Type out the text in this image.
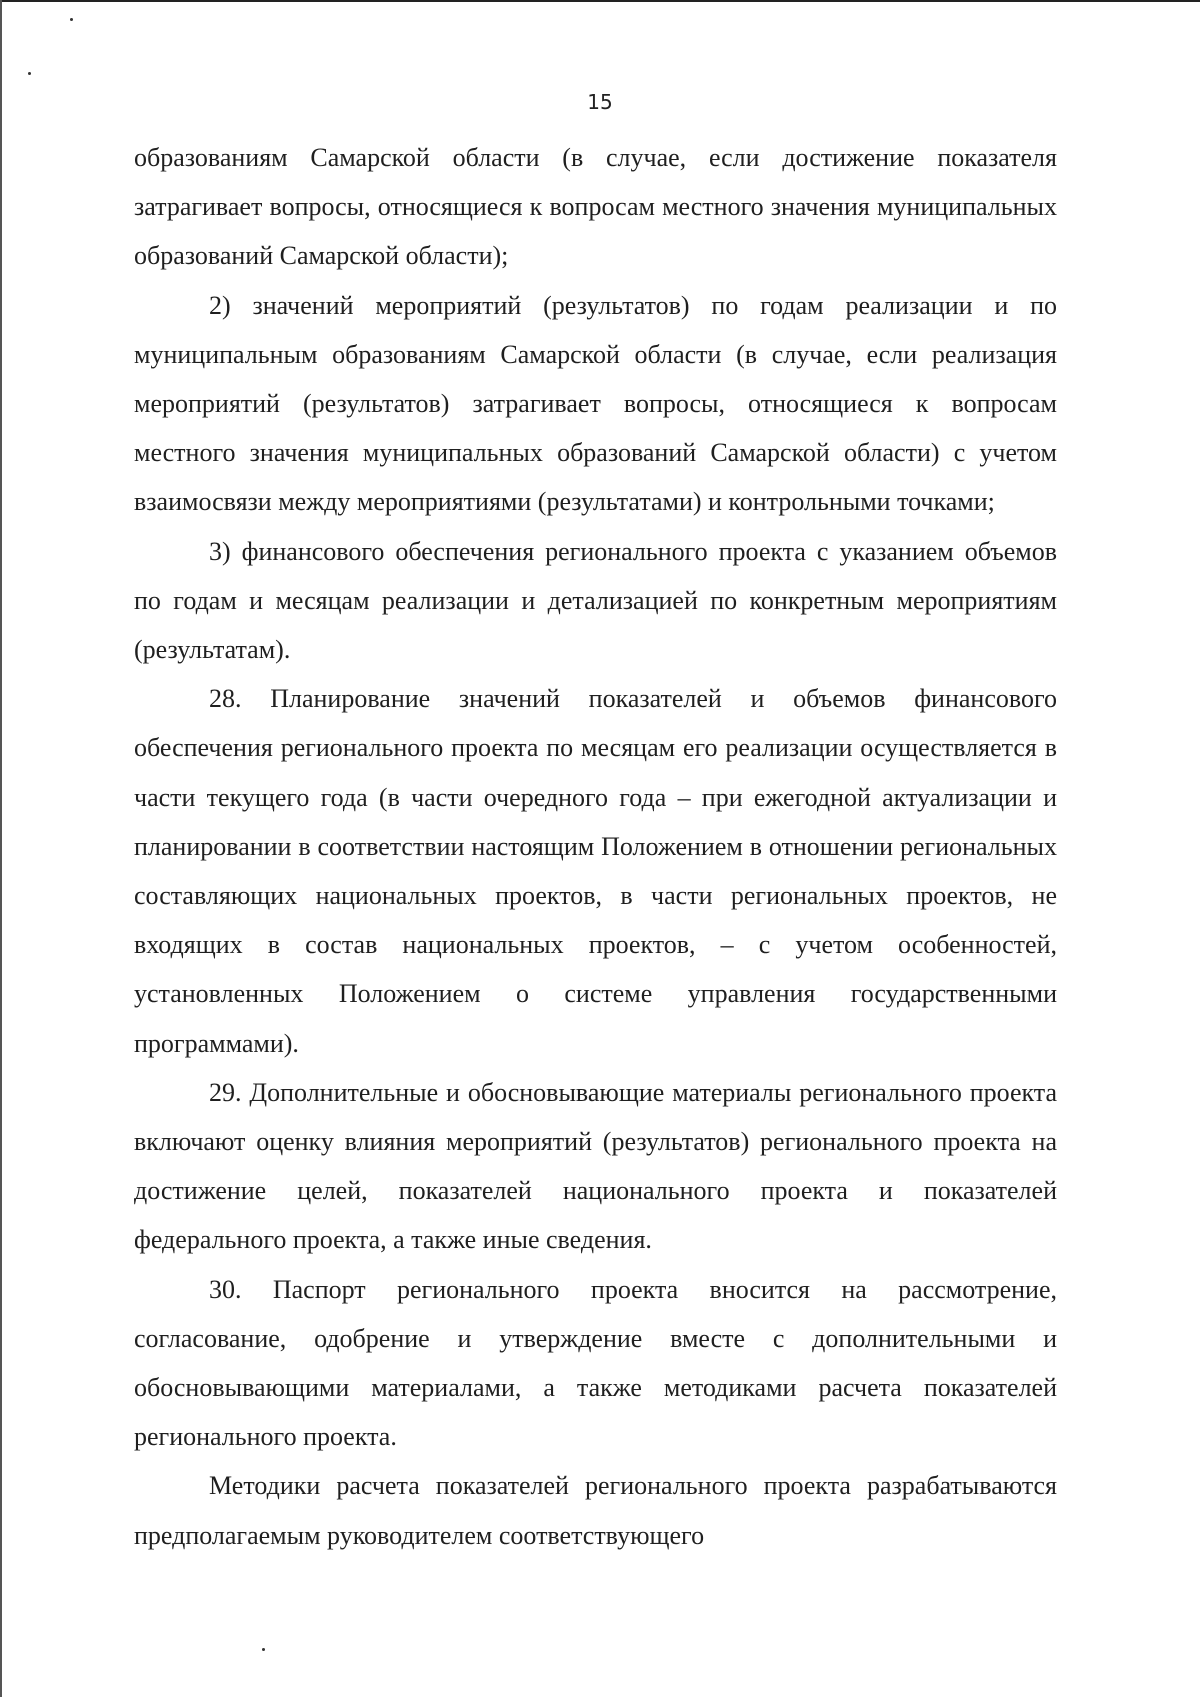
15

образованиям Самарской области (в случае, если достижение показателя затрагивает вопросы, относящиеся к вопросам местного значения муниципальных образований Самарской области);

2) значений мероприятий (результатов) по годам реализации и по муниципальным образованиям Самарской области (в случае, если реализация мероприятий (результатов) затрагивает вопросы, относящиеся к вопросам местного значения муниципальных образований Самарской области) с учетом взаимосвязи между мероприятиями (результатами) и контрольными точками;

3) финансового обеспечения регионального проекта с указанием объемов по годам и месяцам реализации и детализацией по конкретным мероприятиям (результатам).

28. Планирование значений показателей и объемов финансового обеспечения регионального проекта по месяцам его реализации осуществляется в части текущего года (в части очередного года – при ежегодной актуализации и планировании в соответствии настоящим Положением в отношении региональных составляющих национальных проектов, в части региональных проектов, не входящих в состав национальных проектов, – с учетом особенностей, установленных Положением о системе управления государственными программами).

29. Дополнительные и обосновывающие материалы регионального проекта включают оценку влияния мероприятий (результатов) регионального проекта на достижение целей, показателей национального проекта и показателей федерального проекта, а также иные сведения.

30. Паспорт регионального проекта вносится на рассмотрение, согласование, одобрение и утверждение вместе с дополнительными и обосновывающими материалами, а также методиками расчета показателей регионального проекта.

Методики расчета показателей регионального проекта разрабатываются предполагаемым руководителем соответствующего
